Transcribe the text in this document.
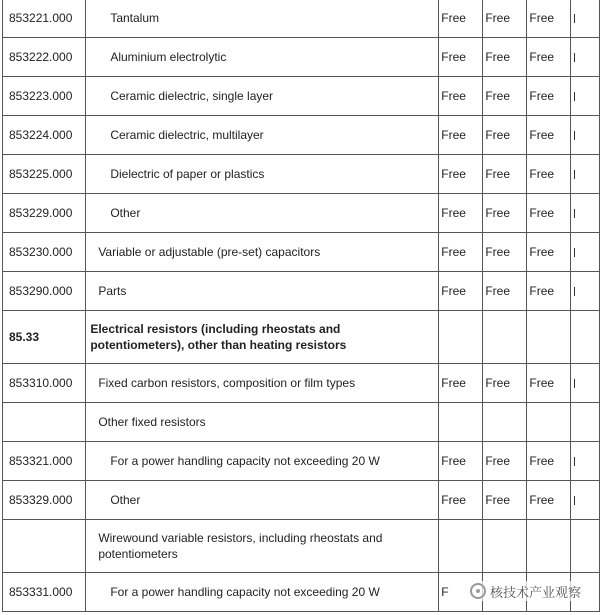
853221.000	Tantalum	Free	Free	Free	
853222.000	Aluminium electrolytic	Free	Free	Free	
853223.000	Ceramic dielectric, single layer	Free	Free	Free	
853224.000	Ceramic dielectric, multilayer	Free	Free	Free	
853225.000	Dielectric of paper or plastics	Free	Free	Free	
853229.000	Other	Free	Free	Free	
853230.000	Variable or adjustable (pre-set) capacitors	Free	Free	Free	
853290.000	Parts	Free	Free	Free	
85.33	Electrical resistors (including rheostats and potentiometers), other than heating resistors				
853310.000	Fixed carbon resistors, composition or film types	Free	Free	Free	
	Other fixed resistors				
853321.000	For a power handling capacity not exceeding 20 W	Free	Free	Free	
853329.000	Other	Free	Free	Free	
	Wirewound variable resistors, including rheostats and potentiometers				
853331.000	For a power handling capacity not exceeding 20 W	F				核技术产业观察
